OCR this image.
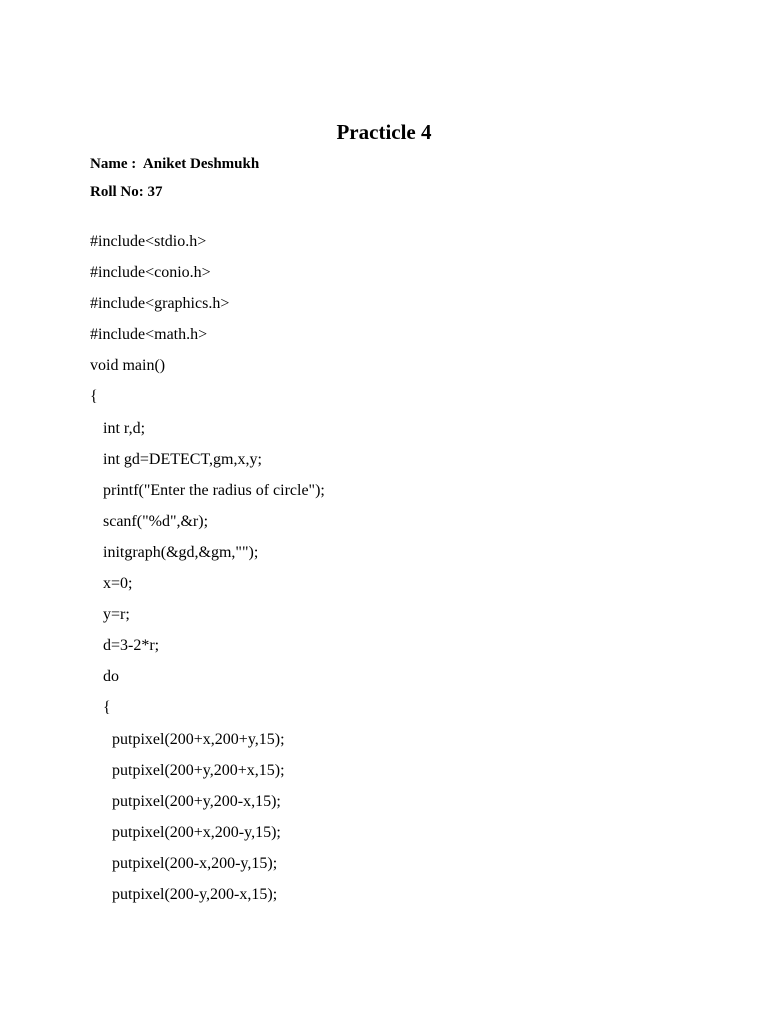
Practicle 4
Name :  Aniket Deshmukh
Roll No: 37
#include<stdio.h>
#include<conio.h>
#include<graphics.h>
#include<math.h>
void main()
{
int r,d;
int gd=DETECT,gm,x,y;
printf("Enter the radius of circle");
scanf("%d",&r);
initgraph(&gd,&gm,"");
x=0;
y=r;
d=3-2*r;
do
{
putpixel(200+x,200+y,15);
putpixel(200+y,200+x,15);
putpixel(200+y,200-x,15);
putpixel(200+x,200-y,15);
putpixel(200-x,200-y,15);
putpixel(200-y,200-x,15);
